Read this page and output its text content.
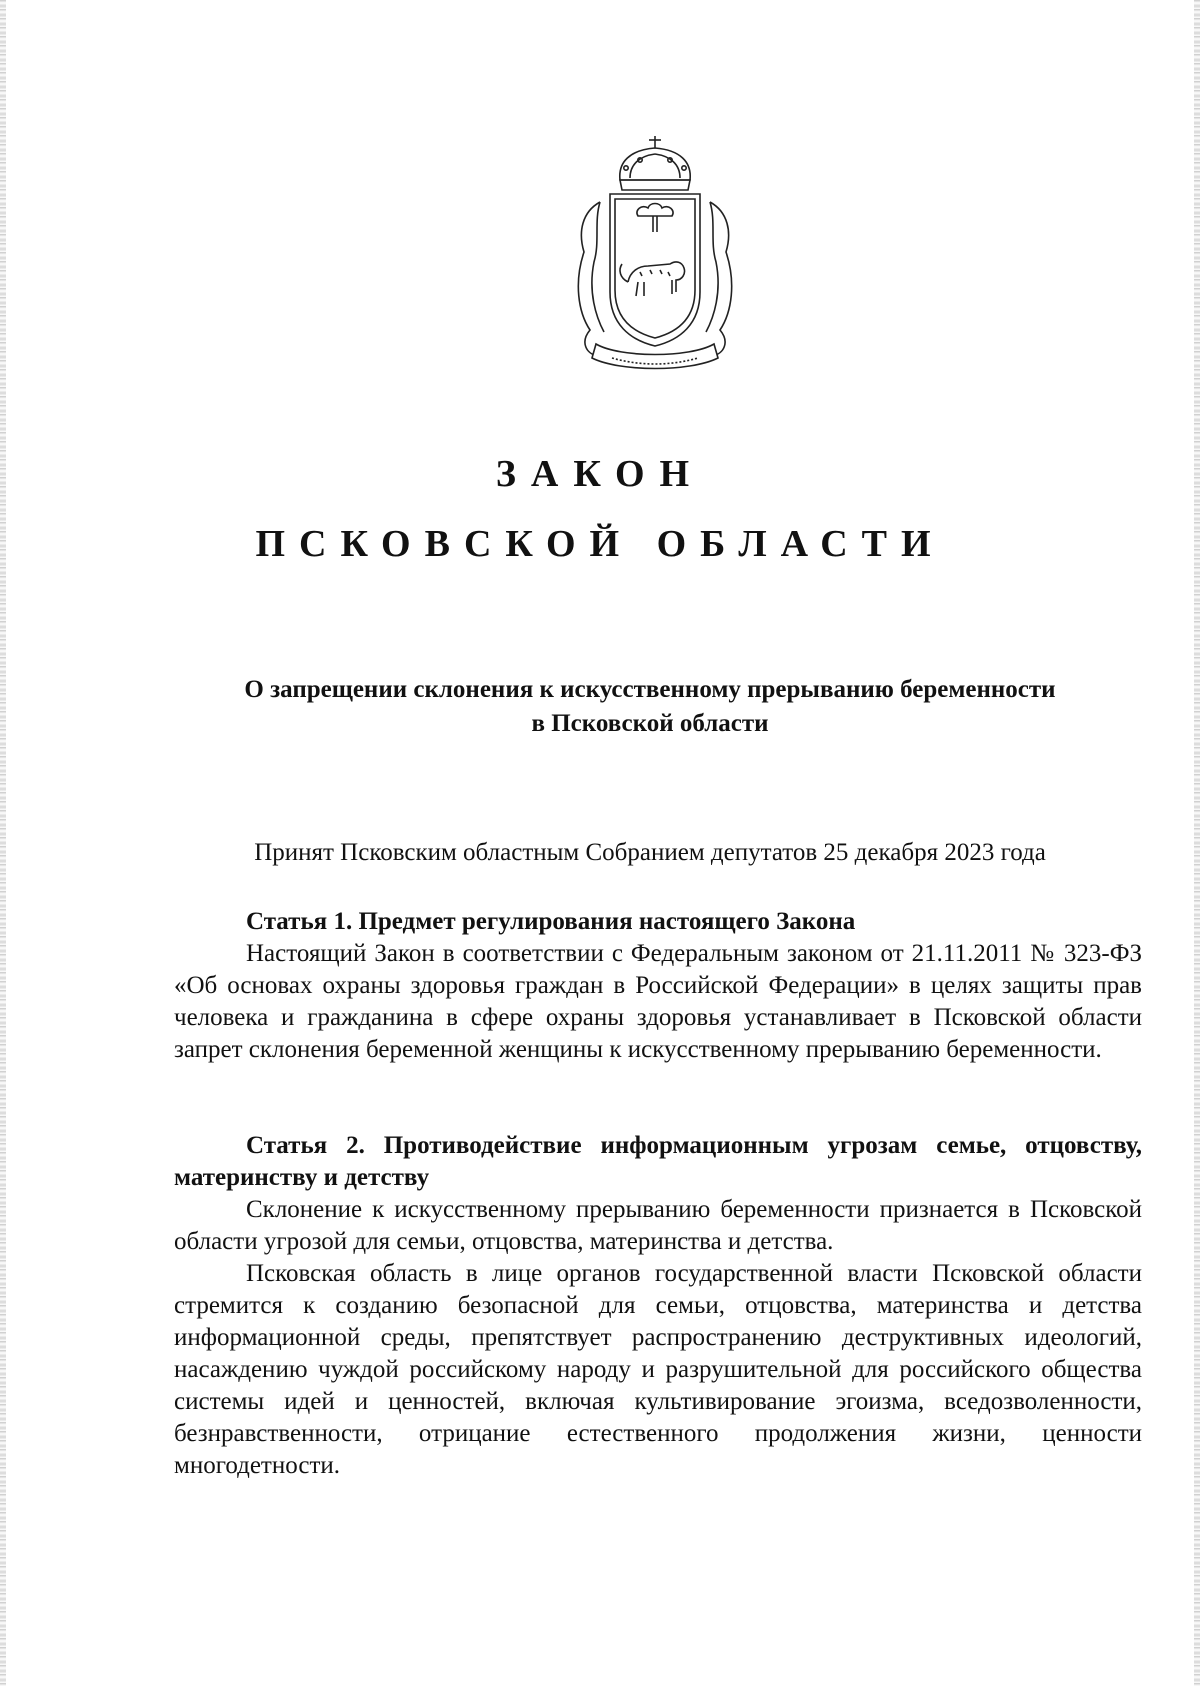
ЗАКОН
ПСКОВСКОЙ ОБЛАСТИ
О запрещении склонения к искусственному прерыванию беременности
в Псковской области
Принят Псковским областным Собранием депутатов 25 декабря 2023 года
Статья 1. Предмет регулирования настоящего Закона

Настоящий Закон в соответствии с Федеральным законом от 21.11.2011 № 323-ФЗ «Об основах охраны здоровья граждан в Российской Федерации» в целях защиты прав человека и гражданина в сфере охраны здоровья устанавливает в Псковской области запрет склонения беременной женщины к искусственному прерыванию беременности.

Статья 2. Противодействие информационным угрозам семье, отцовству, материнству и детству

Склонение к искусственному прерыванию беременности признается в Псковской области угрозой для семьи, отцовства, материнства и детства.

Псковская область в лице органов государственной власти Псковской области стремится к созданию безопасной для семьи, отцовства, материнства и детства информационной среды, препятствует распространению деструктивных идеологий, насаждению чуждой российскому народу и разрушительной для российского общества системы идей и ценностей, включая культивирование эгоизма, вседозволенности, безнравственности, отрицание естественного продолжения жизни, ценности многодетности.
